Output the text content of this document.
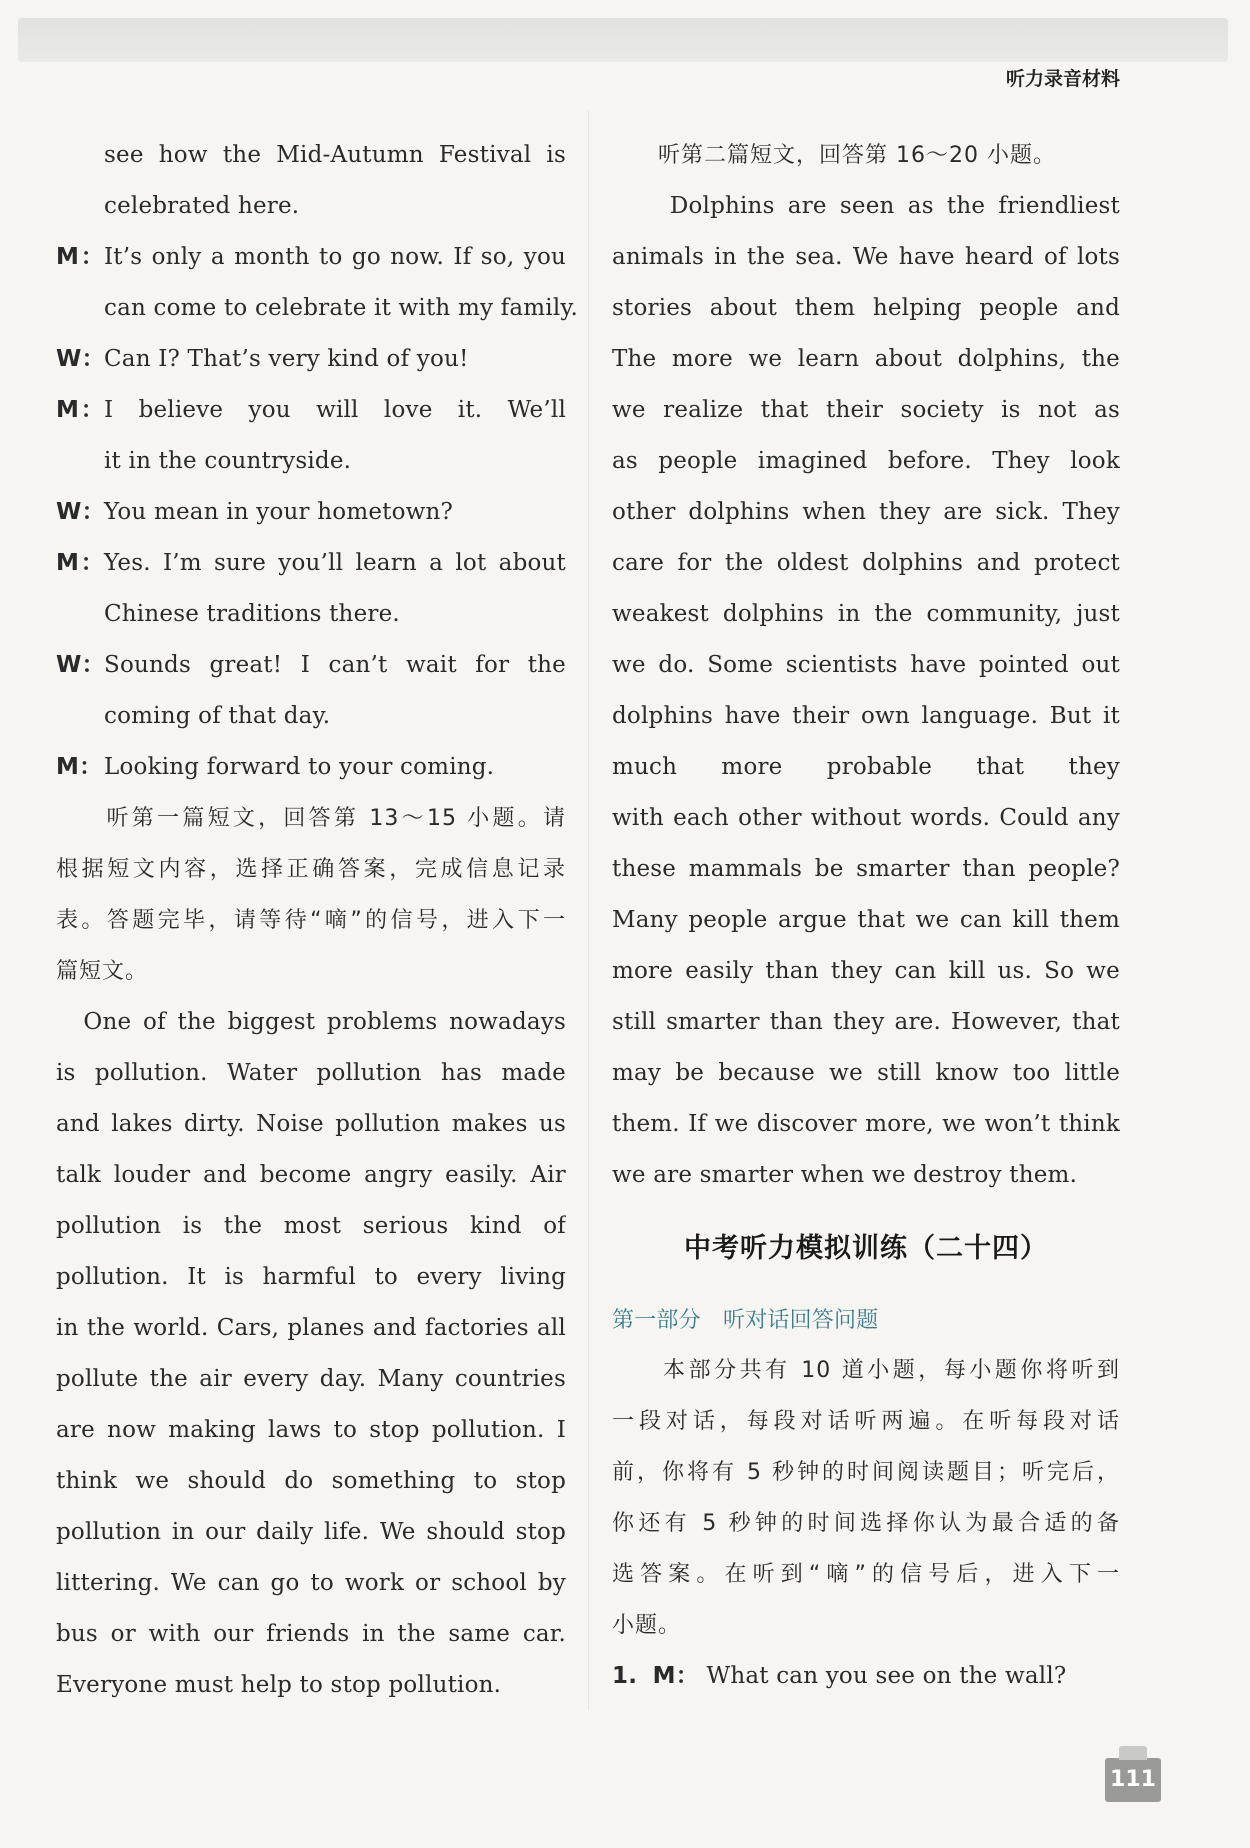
听力录音材料
see how the Mid-Autumn Festival is
celebrated here.
M：It’s only a month to go now. If so, you
can come to celebrate it with my family.
W：Can I? That’s very kind of you!
M：I believe you will love it. We’ll
it in the countryside.
W：You mean in your hometown?
M：Yes. I’m sure you’ll learn a lot about
Chinese traditions there.
W：Sounds great! I can’t wait for the
coming of that day.
M：Looking forward to your coming.
　　听第一篇短文，回答第 13～15 小题。请
根据短文内容，选择正确答案，完成信息记录
表。答题完毕，请等待“嘀”的信号，进入下一
篇短文。
　One of the biggest problems nowadays
is pollution. Water pollution has made
and lakes dirty. Noise pollution makes us
talk louder and become angry easily. Air
pollution is the most serious kind of
pollution. It is harmful to every living
in the world. Cars, planes and factories all
pollute the air every day. Many countries
are now making laws to stop pollution. I
think we should do something to stop
pollution in our daily life. We should stop
littering. We can go to work or school by
bus or with our friends in the same car.
Everyone must help to stop pollution.
　　听第二篇短文，回答第 16～20 小题。
　　Dolphins are seen as the friendliest
animals in the sea. We have heard of lots
stories about them helping people and
The more we learn about dolphins, the
we realize that their society is not as
as people imagined before. They look
other dolphins when they are sick. They
care for the oldest dolphins and protect
weakest dolphins in the community, just
we do. Some scientists have pointed out
dolphins have their own language. But it
much more probable that they
with each other without words. Could any
these mammals be smarter than people?
Many people argue that we can kill them
more easily than they can kill us. So we
still smarter than they are. However, that
may be because we still know too little
them. If we discover more, we won’t think
we are smarter when we destroy them.
中考听力模拟训练（二十四）
第一部分　听对话回答问题
　　本部分共有 10 道小题，每小题你将听到
一段对话，每段对话听两遍。在听每段对话
前，你将有 5 秒钟的时间阅读题目；听完后，
你还有 5 秒钟的时间选择你认为最合适的备
选答案。在听到“嘀”的信号后，进入下一
小题。
1. M： What can you see on the wall?
111
